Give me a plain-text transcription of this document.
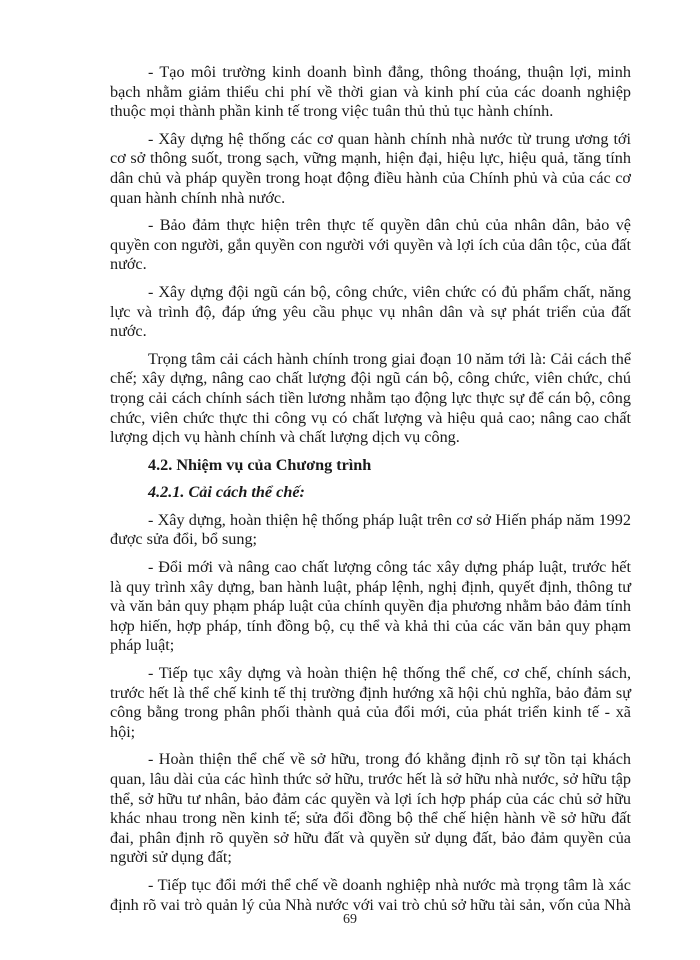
- Tạo môi trường kinh doanh bình đẳng, thông thoáng, thuận lợi, minh bạch nhằm giảm thiểu chi phí về thời gian và kinh phí của các doanh nghiệp thuộc mọi thành phần kinh tế trong việc tuân thủ thủ tục hành chính.

- Xây dựng hệ thống các cơ quan hành chính nhà nước từ trung ương tới cơ sở thông suốt, trong sạch, vững mạnh, hiện đại, hiệu lực, hiệu quả, tăng tính dân chủ và pháp quyền trong hoạt động điều hành của Chính phủ và của các cơ quan hành chính nhà nước.

- Bảo đảm thực hiện trên thực tế quyền dân chủ của nhân dân, bảo vệ quyền con người, gắn quyền con người với quyền và lợi ích của dân tộc, của đất nước.

- Xây dựng đội ngũ cán bộ, công chức, viên chức có đủ phẩm chất, năng lực và trình độ, đáp ứng yêu cầu phục vụ nhân dân và sự phát triển của đất nước.

Trọng tâm cải cách hành chính trong giai đoạn 10 năm tới là: Cải cách thể chế; xây dựng, nâng cao chất lượng đội ngũ cán bộ, công chức, viên chức, chú trọng cải cách chính sách tiền lương nhằm tạo động lực thực sự để cán bộ, công chức, viên chức thực thi công vụ có chất lượng và hiệu quả cao; nâng cao chất lượng dịch vụ hành chính và chất lượng dịch vụ công.

4.2. Nhiệm vụ của Chương trình

4.2.1. Cải cách thể chế:

- Xây dựng, hoàn thiện hệ thống pháp luật trên cơ sở Hiến pháp năm 1992 được sửa đổi, bổ sung;

- Đổi mới và nâng cao chất lượng công tác xây dựng pháp luật, trước hết là quy trình xây dựng, ban hành luật, pháp lệnh, nghị định, quyết định, thông tư và văn bản quy phạm pháp luật của chính quyền địa phương nhằm bảo đảm tính hợp hiến, hợp pháp, tính đồng bộ, cụ thể và khả thi của các văn bản quy phạm pháp luật;

- Tiếp tục xây dựng và hoàn thiện hệ thống thể chế, cơ chế, chính sách, trước hết là thể chế kinh tế thị trường định hướng xã hội chủ nghĩa, bảo đảm sự công bằng trong phân phối thành quả của đổi mới, của phát triển kinh tế - xã hội;

- Hoàn thiện thể chế về sở hữu, trong đó khẳng định rõ sự tồn tại khách quan, lâu dài của các hình thức sở hữu, trước hết là sở hữu nhà nước, sở hữu tập thể, sở hữu tư nhân, bảo đảm các quyền và lợi ích hợp pháp của các chủ sở hữu khác nhau trong nền kinh tế; sửa đổi đồng bộ thể chế hiện hành về sở hữu đất đai, phân định rõ quyền sở hữu đất và quyền sử dụng đất, bảo đảm quyền của người sử dụng đất;

- Tiếp tục đổi mới thể chế về doanh nghiệp nhà nước mà trọng tâm là xác định rõ vai trò quản lý của Nhà nước với vai trò chủ sở hữu tài sản, vốn của Nhà

69
